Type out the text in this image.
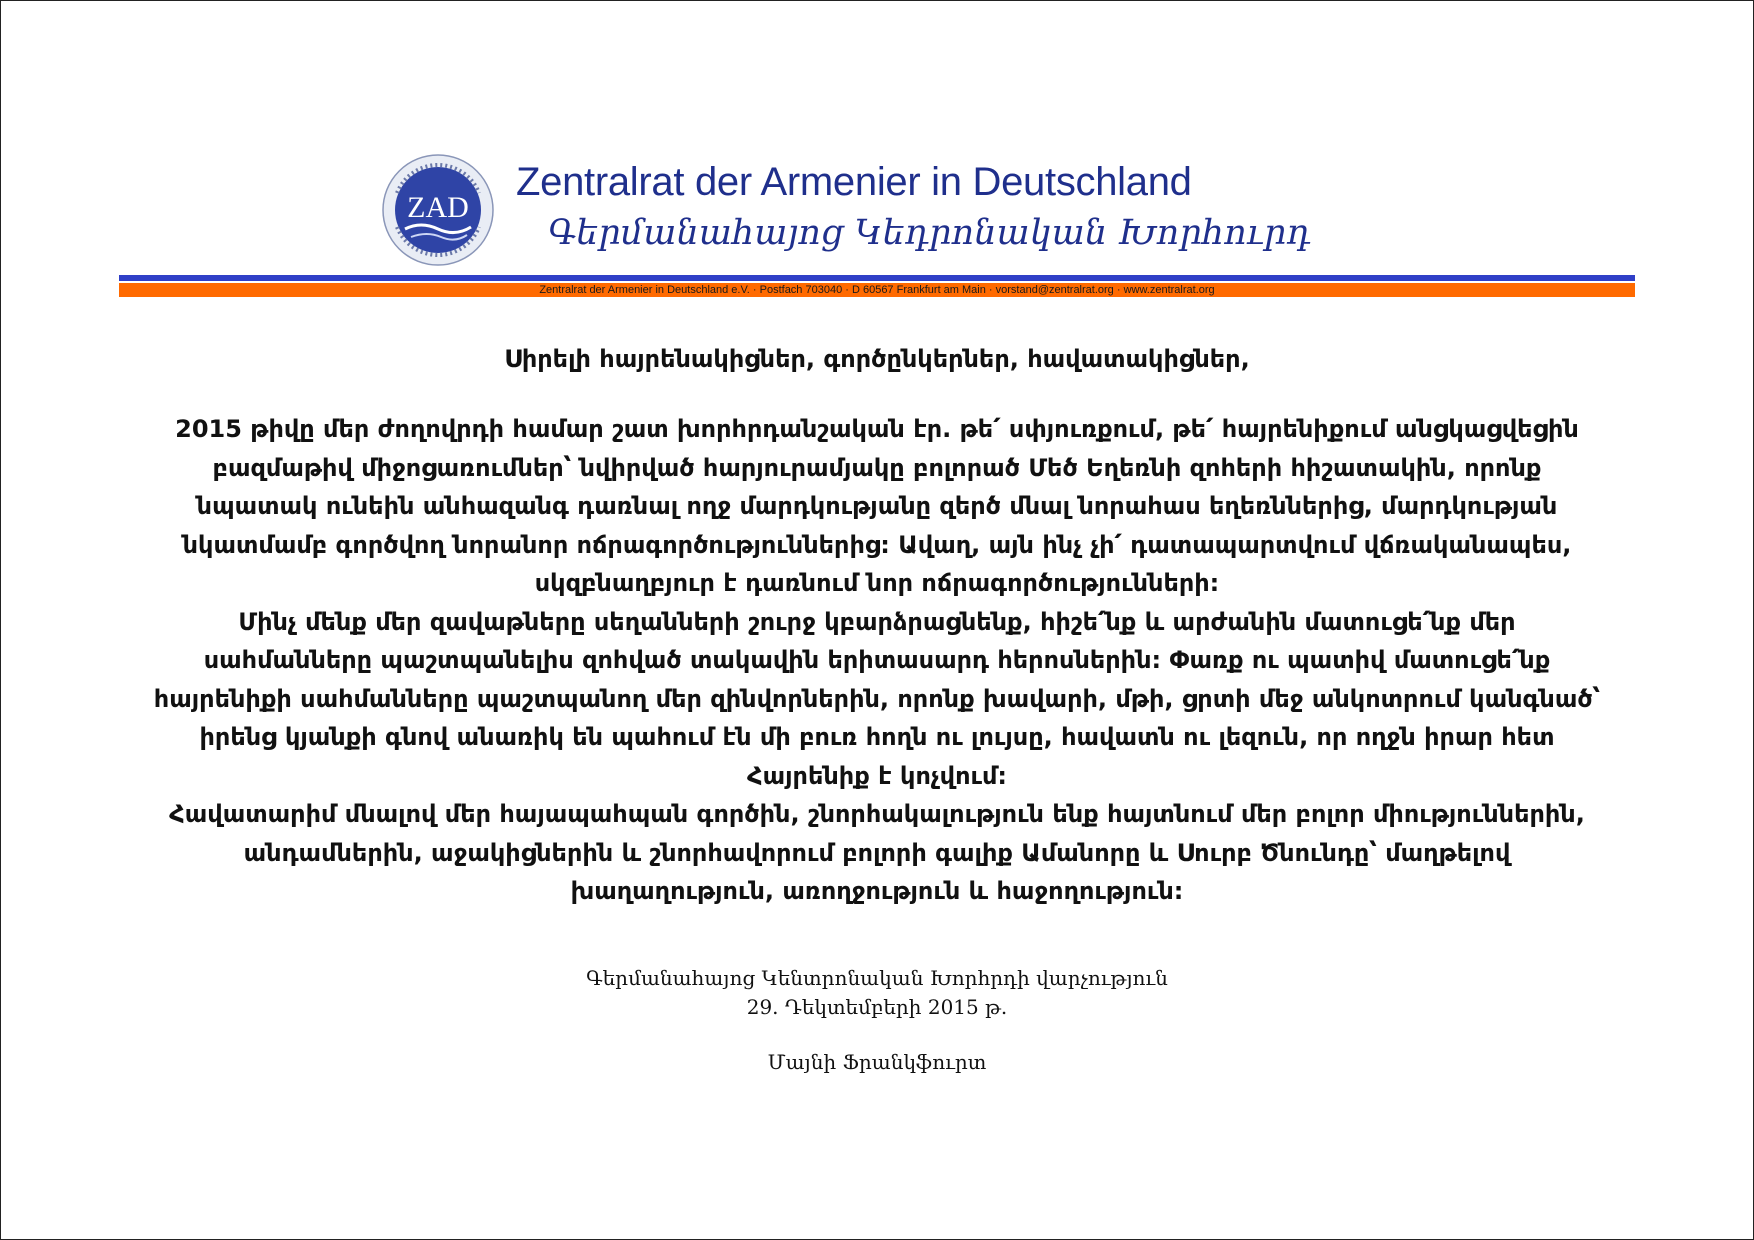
ZAD
Zentralrat der Armenier in Deutschland
Գերմանահայոց Կեդրոնական Խորհուրդ
Zentralrat der Armenier in Deutschland e.V. · Postfach 703040 · D 60567 Frankfurt am Main · vorstand@zentralrat.org · www.zentralrat.org
Սիրելի հայրենակիցներ, գործընկերներ, հավատակիցներ,
2015 թիվը մեր ժողովրդի համար շատ խորհրդանշական էր. թե՛ սփյուռքում, թե՛ հայրենիքում անցկացվեցին
բազմաթիվ միջոցառումներ՝ նվիրված հարյուրամյակը բոլորած Մեծ Եղեռնի զոհերի հիշատակին, որոնք
նպատակ ունեին անհազանգ դառնալ ողջ մարդկությանը զերծ մնալ նորահաս եղեռններից, մարդկության
նկատմամբ գործվող նորանոր ոճրագործություններից: Ավաղ, այն ինչ չի՛ դատապարտվում վճռականապես,
սկզբնաղբյուր է դառնում նոր ոճրագործությունների:
Մինչ մենք մեր զավաթները սեղանների շուրջ կբարձրացնենք, հիշե՛նք և արժանին մատուցե՛նք մեր
սահմանները պաշտպանելիս զոհված տակավին երիտասարդ հերոսներին: Փառք ու պատիվ մատուցե՛նք
հայրենիքի սահմանները պաշտպանող մեր զինվորներին, որոնք խավարի, մթի, ցրտի մեջ անկոտրում կանգնած՝
իրենց կյանքի գնով անառիկ են պահում էն մի բուռ հողն ու լույսը, հավատն ու լեզուն, որ ողջն իրար հետ
Հայրենիք է կոչվում:
Հավատարիմ մնալով մեր հայապահպան գործին, շնորհակալություն ենք հայտնում մեր բոլոր միություններին,
անդամներին, աջակիցներին և շնորհավորում բոլորի գալիք Ամանորը և Սուրբ Ծնունդը՝ մաղթելով
խաղաղություն, առողջություն և հաջողություն:
Գերմանահայոց Կենտրոնական Խորհրդի վարչություն
29. Դեկտեմբերի 2015 թ.
Մայնի Ֆրանկֆուրտ
